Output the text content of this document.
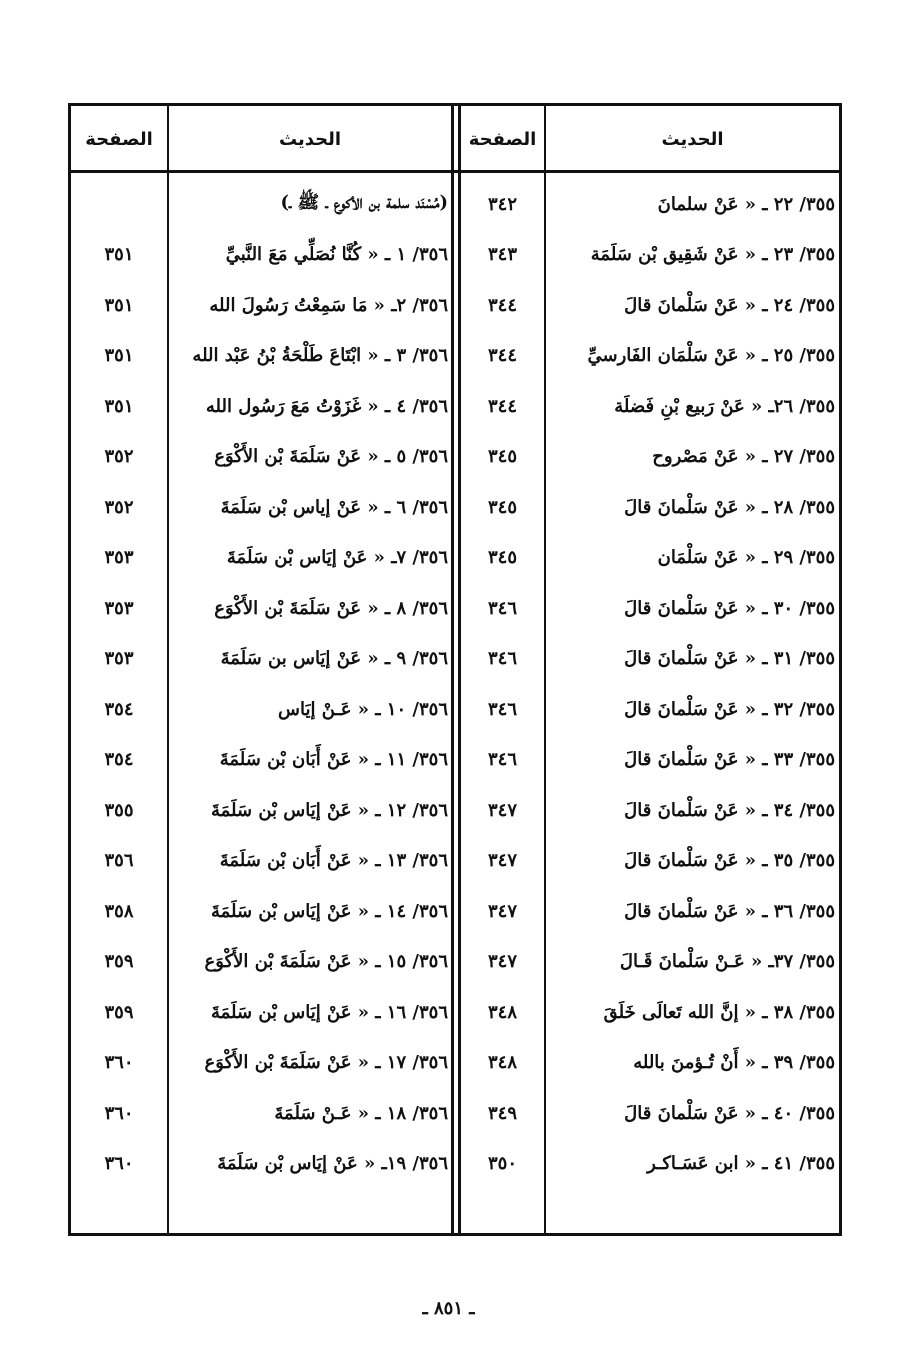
الحديث
الصفحة
الحديث
الصفحة
٣٥٥/ ٢٢ ـ « عَنْ سلمانَ
٣٤٢
٣٥٥/ ٢٣ ـ « عَنْ شَقِيق بْن سَلَمَة
٣٤٣
٣٥٥/ ٢٤ ـ « عَنْ سَلْمانَ قالَ
٣٤٤
٣٥٥/ ٢٥ ـ « عَنْ سَلْمَان الفَارسيِّ
٣٤٤
٣٥٥/ ٢٦ـ « عَنْ رَبيع بْنِ فَضلَة
٣٤٤
٣٥٥/ ٢٧ ـ « عَنْ مَصْروح
٣٤٥
٣٥٥/ ٢٨ ـ « عَنْ سَلْمانَ قالَ
٣٤٥
٣٥٥/ ٢٩ ـ « عَنْ سَلْمَان
٣٤٥
٣٥٥/ ٣٠ ـ « عَنْ سَلْمانَ قالَ
٣٤٦
٣٥٥/ ٣١ ـ « عَنْ سَلْمانَ قالَ
٣٤٦
٣٥٥/ ٣٢ ـ « عَنْ سَلْمانَ قالَ
٣٤٦
٣٥٥/ ٣٣ ـ « عَنْ سَلْمانَ قالَ
٣٤٦
٣٥٥/ ٣٤ ـ « عَنْ سَلْمانَ قالَ
٣٤٧
٣٥٥/ ٣٥ ـ « عَنْ سَلْمانَ قالَ
٣٤٧
٣٥٥/ ٣٦ ـ « عَنْ سَلْمانَ قالَ
٣٤٧
٣٥٥/ ٣٧ـ « عَـنْ سَلْمانَ قَـالَ
٣٤٧
٣٥٥/ ٣٨ ـ « إنَّ الله تَعالَى خَلَقَ
٣٤٨
٣٥٥/ ٣٩ ـ « أَنْ تُـؤمنَ بالله
٣٤٨
٣٥٥/ ٤٠ ـ « عَنْ سَلْمانَ قالَ
٣٤٩
٣٥٥/ ٤١ ـ « ابن عَسَـاكـر
٣٥٠
(مُسْنَد سلمة بن الأكوع ـ ﷺ ـ)
٣٥٦/ ١ ـ « كُنَّا نُصَلِّي مَعَ النَّبيِّ
٣٥١
٣٥٦/ ٢ـ « مَا سَمِعْتُ رَسُولَ الله
٣٥١
٣٥٦/ ٣ ـ « ابْتَاعَ طَلْحَةُ بْنُ عَبْد الله
٣٥١
٣٥٦/ ٤ ـ « غَزَوْتُ مَعَ رَسُول الله
٣٥١
٣٥٦/ ٥ ـ « عَنْ سَلَمَةَ بْن الأَكْوَع
٣٥٢
٣٥٦/ ٦ ـ « عَنْ إياس بْن سَلَمَةَ
٣٥٢
٣٥٦/ ٧ـ « عَنْ إيَاس بْن سَلَمَةَ
٣٥٣
٣٥٦/ ٨ ـ « عَنْ سَلَمَةَ بْن الأَكْوَع
٣٥٣
٣٥٦/ ٩ ـ « عَنْ إيَاس بن سَلَمَةَ
٣٥٣
٣٥٦/ ١٠ ـ « عَـنْ إيَاس
٣٥٤
٣٥٦/ ١١ ـ « عَنْ أَبَان بْن سَلَمَةَ
٣٥٤
٣٥٦/ ١٢ ـ « عَنْ إيَاس بْن سَلَمَةَ
٣٥٥
٣٥٦/ ١٣ ـ « عَنْ أَبَان بْن سَلَمَةَ
٣٥٦
٣٥٦/ ١٤ ـ « عَنْ إيَاس بْن سَلَمَةَ
٣٥٨
٣٥٦/ ١٥ ـ « عَنْ سَلَمَةَ بْن الأَكْوَع
٣٥٩
٣٥٦/ ١٦ ـ « عَنْ إيَاس بْن سَلَمَةَ
٣٥٩
٣٥٦/ ١٧ ـ « عَنْ سَلَمَةَ بْن الأَكْوَع
٣٦٠
٣٥٦/ ١٨ ـ « عَـنْ سَلَمَةَ
٣٦٠
٣٥٦/ ١٩ـ « عَنْ إيَاس بْن سَلَمَةَ
٣٦٠
ـ ٨٥١ ـ
